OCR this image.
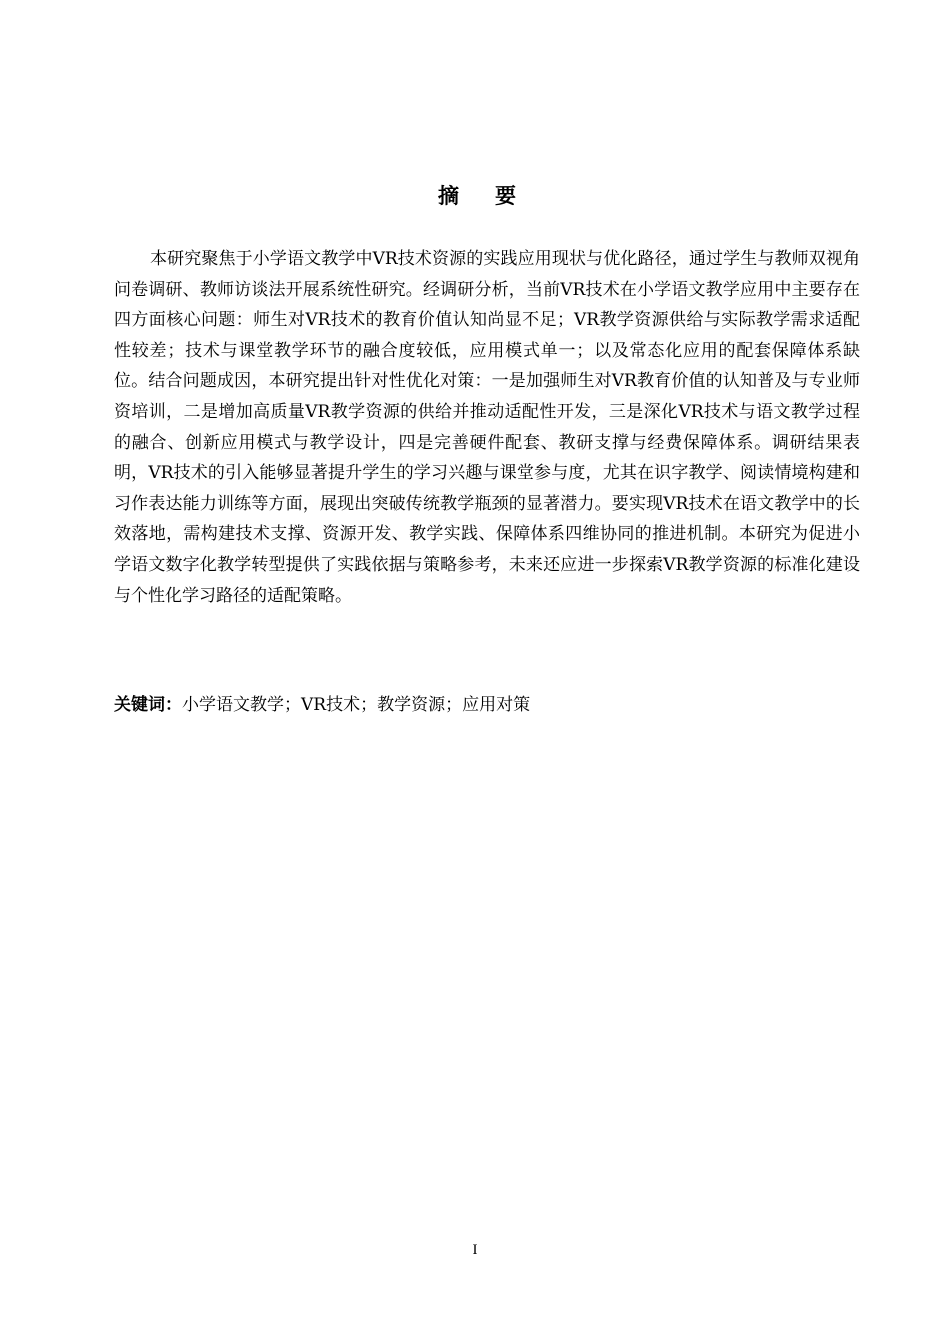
摘要

本研究聚焦于小学语文教学中VR技术资源的实践应用现状与优化路径，通过学生与教师双视角问卷调研、教师访谈法开展系统性研究。经调研分析，当前VR技术在小学语文教学应用中主要存在四方面核心问题：师生对VR技术的教育价值认知尚显不足；VR教学资源供给与实际教学需求适配性较差；技术与课堂教学环节的融合度较低，应用模式单一；以及常态化应用的配套保障体系缺位。结合问题成因，本研究提出针对性优化对策：一是加强师生对VR教育价值的认知普及与专业师资培训，二是增加高质量VR教学资源的供给并推动适配性开发，三是深化VR技术与语文教学过程的融合、创新应用模式与教学设计，四是完善硬件配套、教研支撑与经费保障体系。调研结果表明，VR技术的引入能够显著提升学生的学习兴趣与课堂参与度，尤其在识字教学、阅读情境构建和习作表达能力训练等方面，展现出突破传统教学瓶颈的显著潜力。要实现VR技术在语文教学中的长效落地，需构建技术支撑、资源开发、教学实践、保障体系四维协同的推进机制。本研究为促进小学语文数字化教学转型提供了实践依据与策略参考，未来还应进一步探索VR教学资源的标准化建设与个性化学习路径的适配策略。

关键词：小学语文教学；VR技术；教学资源；应用对策

I
